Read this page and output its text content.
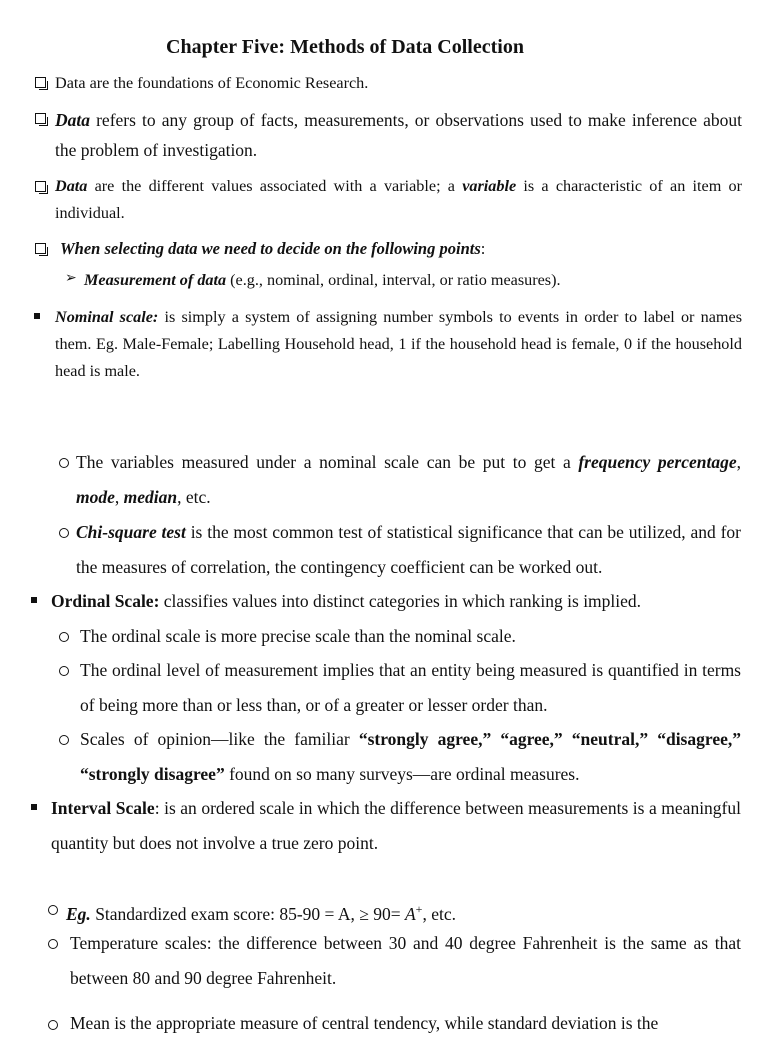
Chapter Five: Methods of Data Collection
Data are the foundations of Economic Research.
Data refers to any group of facts, measurements, or observations used to make inference about the problem of investigation.
Data are the different values associated with a variable; a variable is a characteristic of an item or individual.
When selecting data we need to decide on the following points:
➢ Measurement of data (e.g., nominal, ordinal, interval, or ratio measures).
Nominal scale: is simply a system of assigning number symbols to events in order to label or names them. Eg. Male-Female; Labelling Household head, 1 if the household head is female, 0 if the household head is male.
The variables measured under a nominal scale can be put to get a frequency percentage, mode, median, etc.
Chi-square test is the most common test of statistical significance that can be utilized, and for the measures of correlation, the contingency coefficient can be worked out.
Ordinal Scale: classifies values into distinct categories in which ranking is implied.
The ordinal scale is more precise scale than the nominal scale.
The ordinal level of measurement implies that an entity being measured is quantified in terms of being more than or less than, or of a greater or lesser order than.
Scales of opinion—like the familiar “strongly agree,” “agree,” “neutral,” “disagree,” “strongly disagree” found on so many surveys—are ordinal measures.
Interval Scale: is an ordered scale in which the difference between measurements is a meaningful quantity but does not involve a true zero point.
Eg. Standardized exam score: 85-90 = A, ≥ 90= A+, etc.
Temperature scales: the difference between 30 and 40 degree Fahrenheit is the same as that between 80 and 90 degree Fahrenheit.
Mean is the appropriate measure of central tendency, while standard deviation is the
